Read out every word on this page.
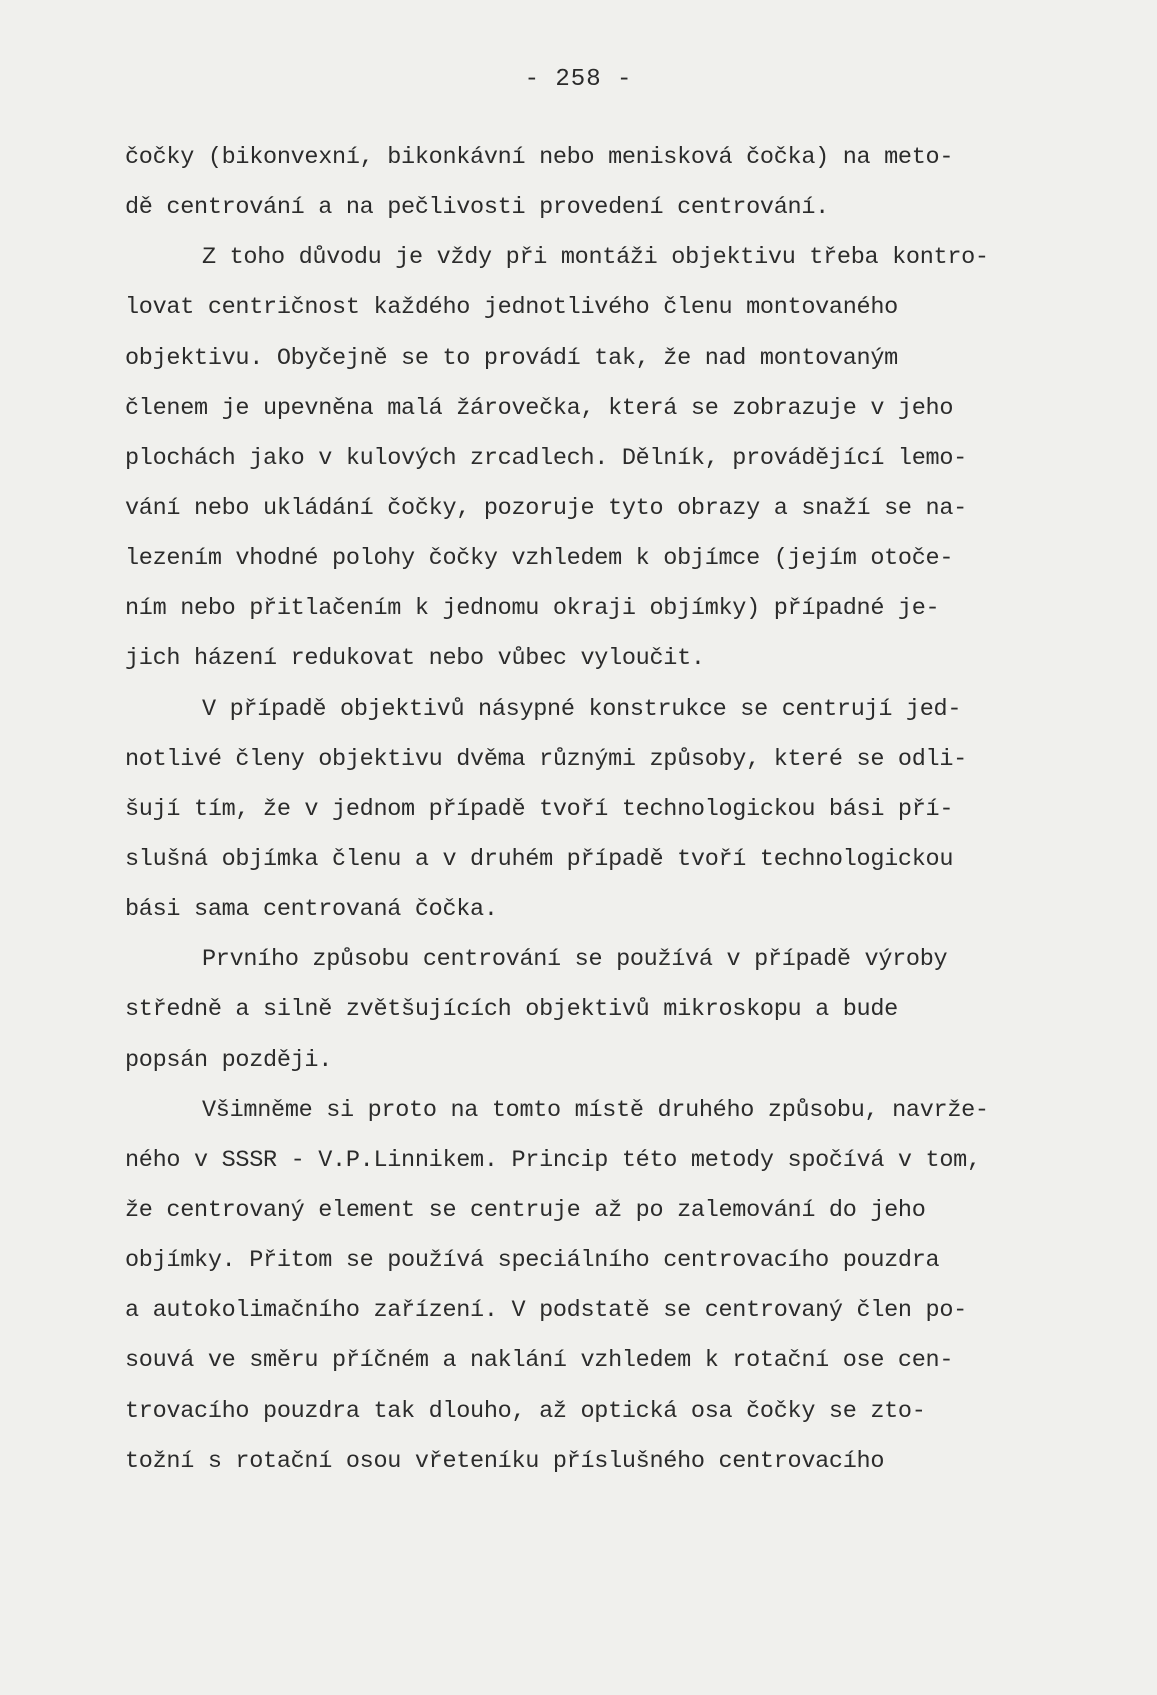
- 258 -
čočky (bikonvexní, bikonkávní nebo menisková čočka) na meto-
dě centrování a na pečlivosti provedení centrování.
Z toho důvodu je vždy při montáži objektivu třeba kontro-
lovat centričnost každého jednotlivého členu montovaného
objektivu. Obyčejně se to provádí tak, že nad montovaným
členem je upevněna malá žárovečka, která se zobrazuje v jeho
plochách jako v kulových zrcadlech. Dělník, provádějící lemo-
vání nebo ukládání čočky, pozoruje tyto obrazy a snaží se na-
lezením vhodné polohy čočky vzhledem k objímce (jejím otoče-
ním nebo přitlačením k jednomu okraji objímky) případné je-
jich házení redukovat nebo vůbec vyloučit.
V případě objektivů násypné konstrukce se centrují jed-
notlivé členy objektivu dvěma různými způsoby, které se odli-
šují tím, že v jednom případě tvoří technologickou bási pří-
slušná objímka členu a v druhém případě tvoří technologickou
bási sama centrovaná čočka.
Prvního způsobu centrování se používá v případě výroby
středně a silně zvětšujících objektivů mikroskopu a bude
popsán později.
Všimněme si proto na tomto místě druhého způsobu, navrže-
ného v SSSR - V.P.Linnikem. Princip této metody spočívá v tom,
že centrovaný element se centruje až po zalemování do jeho
objímky. Přitom se používá speciálního centrovacího pouzdra
a autokolimačního zařízení. V podstatě se centrovaný člen po-
souvá ve směru příčném a naklání vzhledem k rotační ose cen-
trovacího pouzdra tak dlouho, až optická osa čočky se zto-
tožní s rotační osou vřeteníku příslušného centrovacího
